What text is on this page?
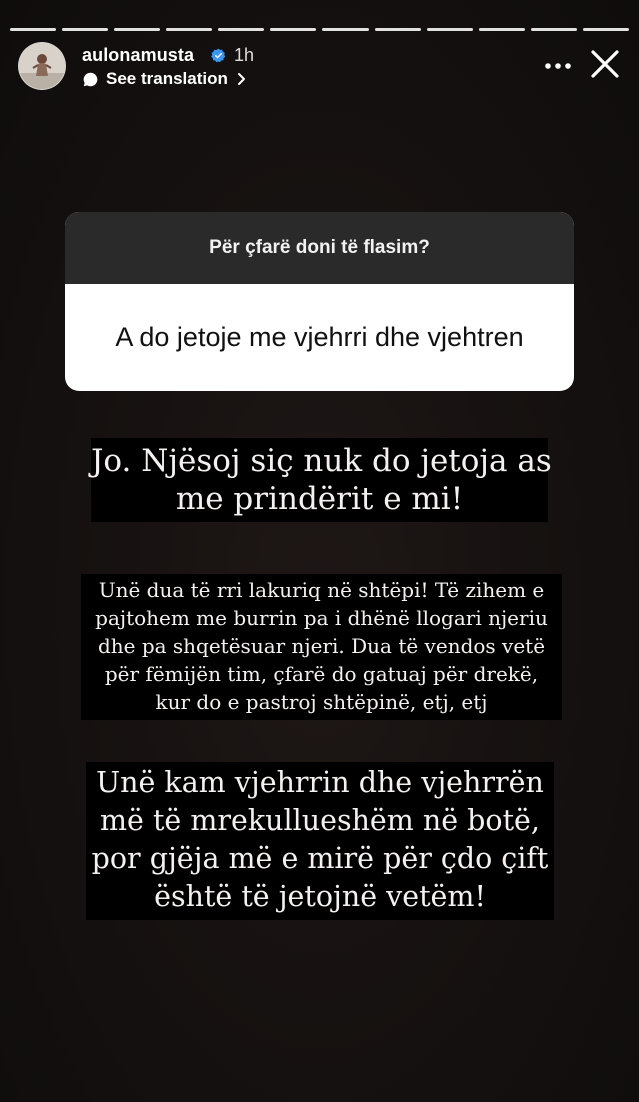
aulonamusta 1h
See translation
Për çfarë doni të flasim?
A do jetoje me vjehrri dhe vjehtren
Jo. Njësoj siç nuk do jetoja as
me prindërit e mi!
Unë dua të rri lakuriq në shtëpi! Të zihem e
pajtohem me burrin pa i dhënë llogari njeriu
dhe pa shqetësuar njeri. Dua të vendos vetë
për fëmijën tim, çfarë do gatuaj për drekë,
kur do e pastroj shtëpinë, etj, etj
Unë kam vjehrrin dhe vjehrrën
më të mrekullueshëm në botë,
por gjëja më e mirë për çdo çift
është të jetojnë vetëm!
